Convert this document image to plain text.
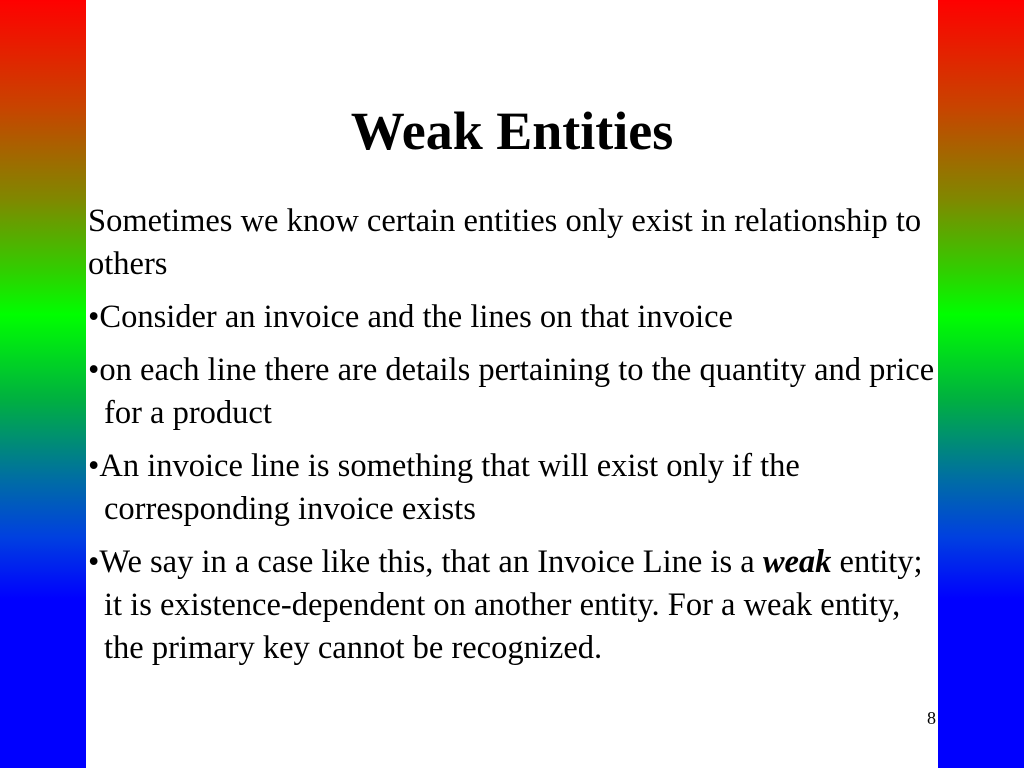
Weak Entities

Sometimes we know certain entities only exist in relationship to others

•Consider an invoice and the lines on that invoice

•on each line there are details pertaining to the quantity and price for a product

•An invoice line is something that will exist only if the corresponding invoice exists

•We say in a case like this, that an Invoice Line is a weak entity; it is existence-dependent on another entity. For a weak entity, the primary key cannot be recognized.

8
